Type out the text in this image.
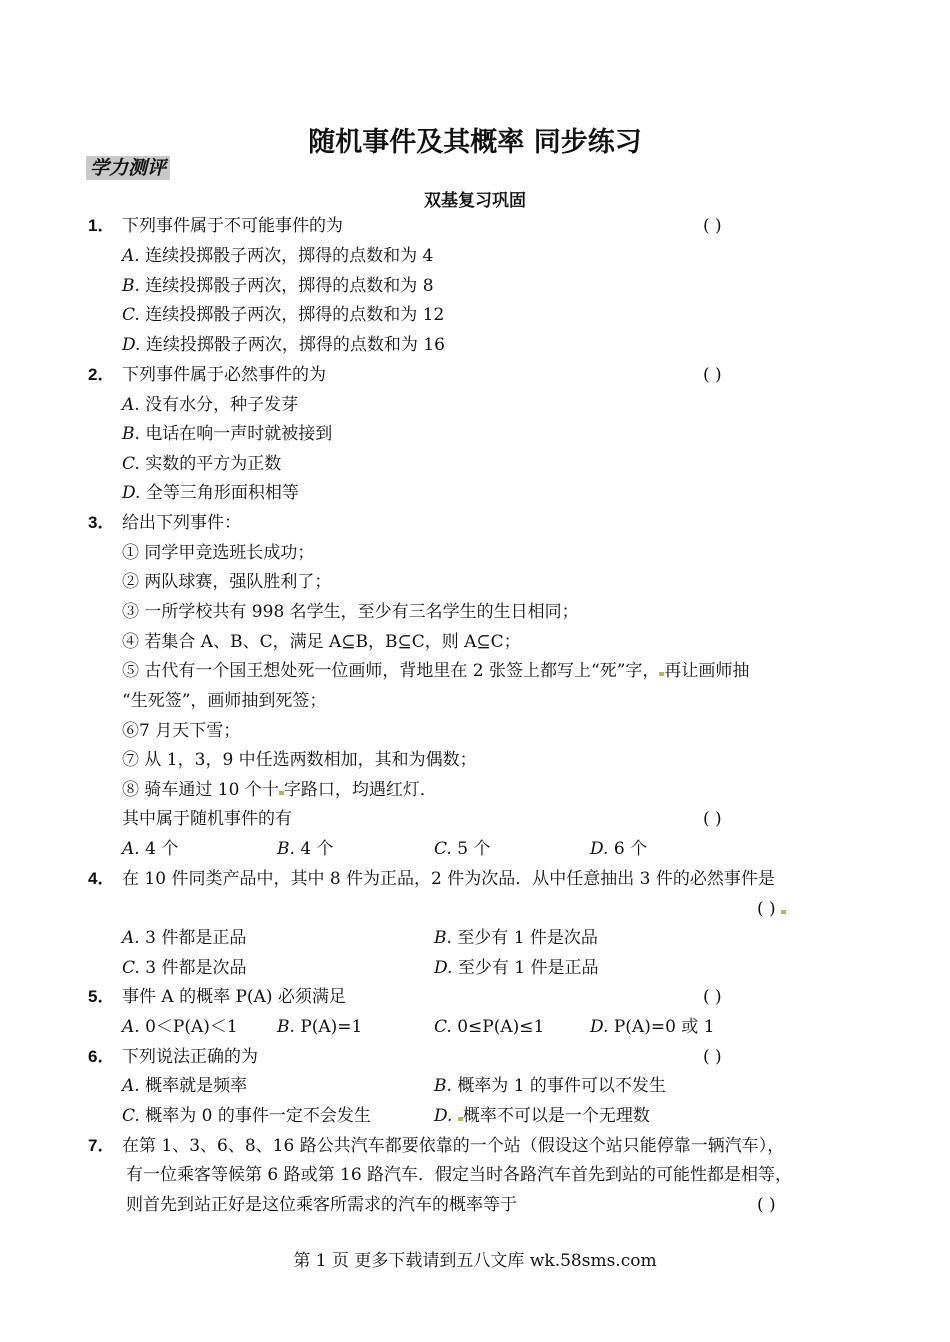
随机事件及其概率 同步练习
学力测评
双基复习巩固
1． 下列事件属于不可能事件的为	( )
A. 连续投掷骰子两次，掷得的点数和为 4
B. 连续投掷骰子两次，掷得的点数和为 8
C. 连续投掷骰子两次，掷得的点数和为 12
D. 连续投掷骰子两次，掷得的点数和为 16
2． 下列事件属于必然事件的为	( )
A. 没有水分，种子发芽
B. 电话在响一声时就被接到
C. 实数的平方为正数
D. 全等三角形面积相等
3． 给出下列事件：
① 同学甲竞选班长成功；
② 两队球赛，强队胜利了；
③ 一所学校共有 998 名学生，至少有三名学生的生日相同；
④ 若集合 A、B、C，满足 A⊆B，B⊆C，则 A⊆C；
⑤ 古代有一个国王想处死一位画师，背地里在 2 张签上都写上“死”字， 再让画师抽
“生死签”，画师抽到死签；
⑥7 月天下雪；
⑦ 从 1，3，9 中任选两数相加，其和为偶数；
⑧ 骑车通过 10 个十 字路口，均遇红灯．
其中属于随机事件的有	( )
A. 4 个	B. 4 个	C. 5 个	D. 6 个
4． 在 10 件同类产品中，其中 8 件为正品，2 件为次品．从中任意抽出 3 件的必然事件是
( )
A. 3 件都是正品	B. 至少有 1 件是次品
C. 3 件都是次品	D. 至少有 1 件是正品
5． 事件 A 的概率 P(A) 必须满足	( )
A. 0＜P(A)＜1 B. P(A)=1	C. 0≤P(A)≤1	D. P(A)=0 或 1
6． 下列说法正确的为	( )
A. 概率就是频率	B. 概率为 1 的事件可以不发生
C. 概率为 0 的事件一定不会发生	D. 概率不可以是一个无理数
7． 在第 1、3、6、8、16 路公共汽车都要依靠的一个站（假设这个站只能停靠一辆汽车），
有一位乘客等候第 6 路或第 16 路汽车．假定当时各路汽车首先到站的可能性都是相等，
则首先到站正好是这位乘客所需求的汽车的概率等于	( )
第 1 页 更多下载请到五八文库 wk.58sms.com
